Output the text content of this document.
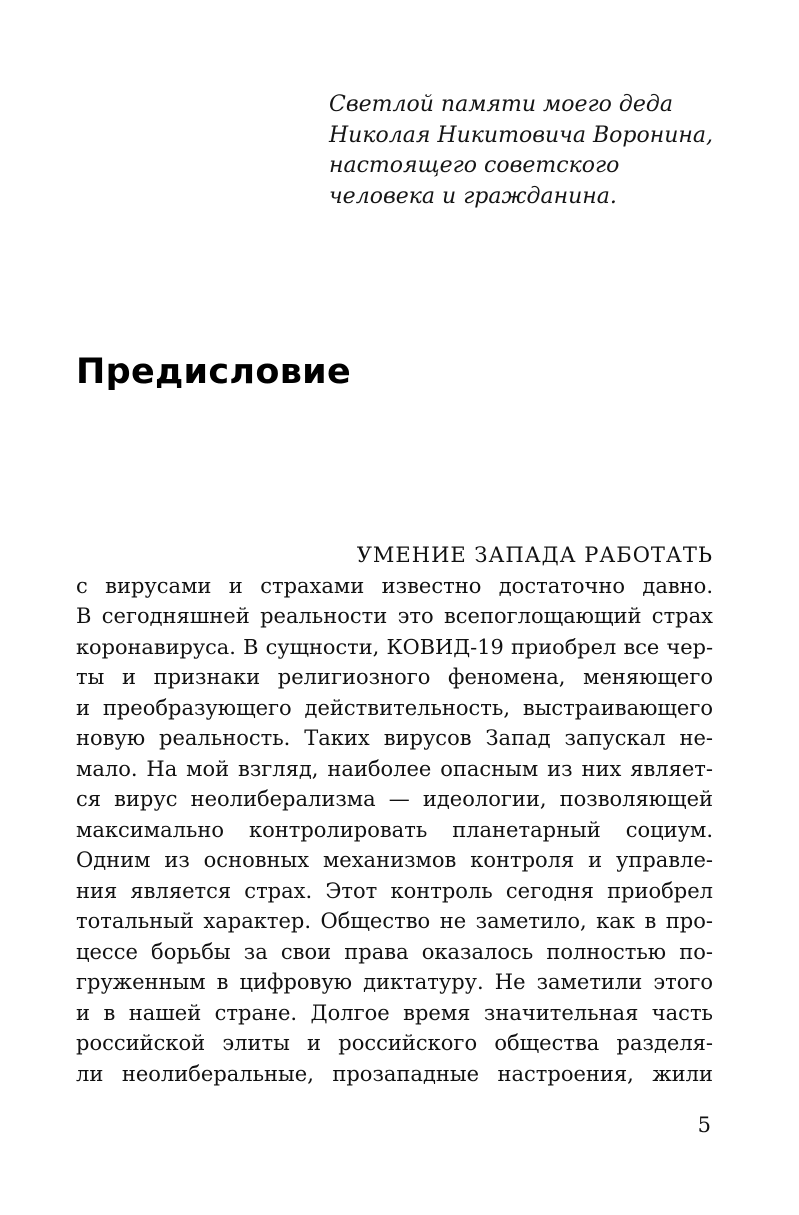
Светлой памяти моего деда
Николая Никитовича Воронина,
настоящего советского
человека и гражданина.
Предисловие
УМЕНИЕ ЗАПАДА РАБОТАТЬ
с вирусами и страхами известно достаточно давно.
В сегодняшней реальности это всепоглощающий страх
коронавируса. В сущности, КОВИД-19 приобрел все чер-
ты и признаки религиозного феномена, меняющего
и преобразующего действительность, выстраивающего
новую реальность. Таких вирусов Запад запускал не-
мало. На мой взгляд, наиболее опасным из них являет-
ся вирус неолиберализма — идеологии, позволяющей
максимально контролировать планетарный социум.
Одним из основных механизмов контроля и управле-
ния является страх. Этот контроль сегодня приобрел
тотальный характер. Общество не заметило, как в про-
цессе борьбы за свои права оказалось полностью по-
груженным в цифровую диктатуру. Не заметили этого
и в нашей стране. Долгое время значительная часть
российской элиты и российского общества разделя-
ли неолиберальные, прозападные настроения, жили
5
